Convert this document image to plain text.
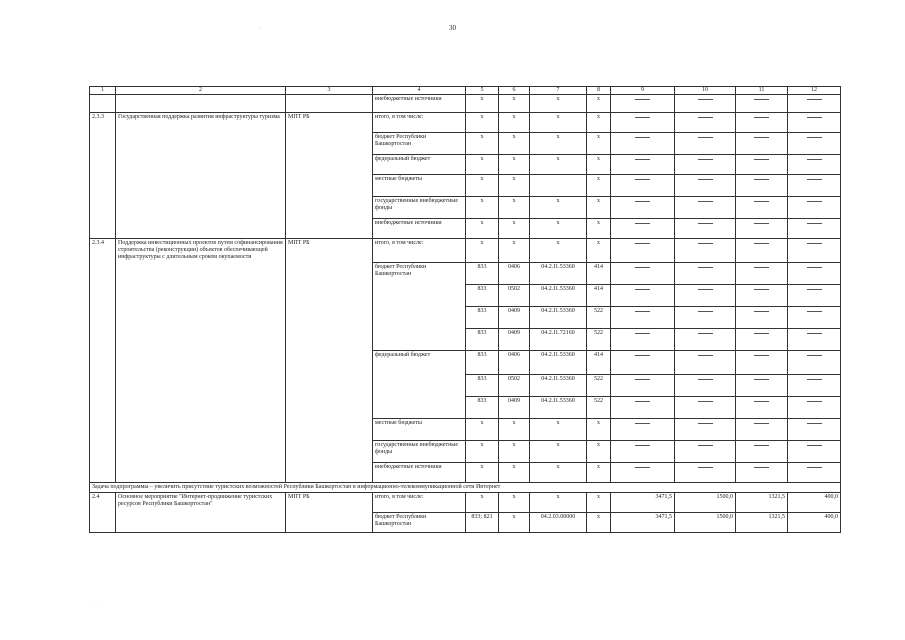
30
·
·
1	2	3	4	5	6	7	8	9	10	11	12
			внебюджетные источники	x	x	x	x				
2.3.3	Государственная поддержка развития инфраструктуры туризма	МПТ РБ	итого, в том числе:	x	x	x	x				
			бюджет Республики Башкортостан	x	x	x	x				
			федеральный бюджет	x	x	x	x				
			местные бюджеты	x	x		x				
			государственные внебюджетные фонды	x	x	x	x				
			внебюджетные источники	x	x	x	x				
2.3.4	Поддержка инвестиционных проектов путем софинансирования строительства (реконструкции) объектов обеспечивающей инфраструктуры с длительным сроком окупаемости	МПТ РБ	итого, в том числе:	x	x	x	x				
			бюджет Республики Башкортостан	833	0406	04.2.I1.53360	414				
				833	0502	04.2.I1.53360	414				
				833	0409	04.2.I1.53360	522				
				833	0409	04.2.I1.72160	522				
			федеральный бюджет	833	0406	04.2.I1.53360	414				
				833	0502	04.2.I1.53360	522				
				833	0409	04.2.I1.53360	522				
			местные бюджеты	x	x	x	x				
			государственные внебюджетные фонды	x	x	x	x				
			внебюджетные источники	x	x	x	x				
Задача подпрограммы – увеличить присутствие туристских возможностей Республики Башкортостан в информационно-телекоммуникационной сети Интернет											
2.4	Основное мероприятие "Интернет-продвижение туристских ресурсов Республики Башкортостан"	МПТ РБ	итого, в том числе:	x	x	x	x	3471,5	1500,0	1321,5	400,0
			бюджет Республики Башкортостан	833; 821	x	04.2.03.00000	x	3471,5	1500,0	1321,5	400,0
